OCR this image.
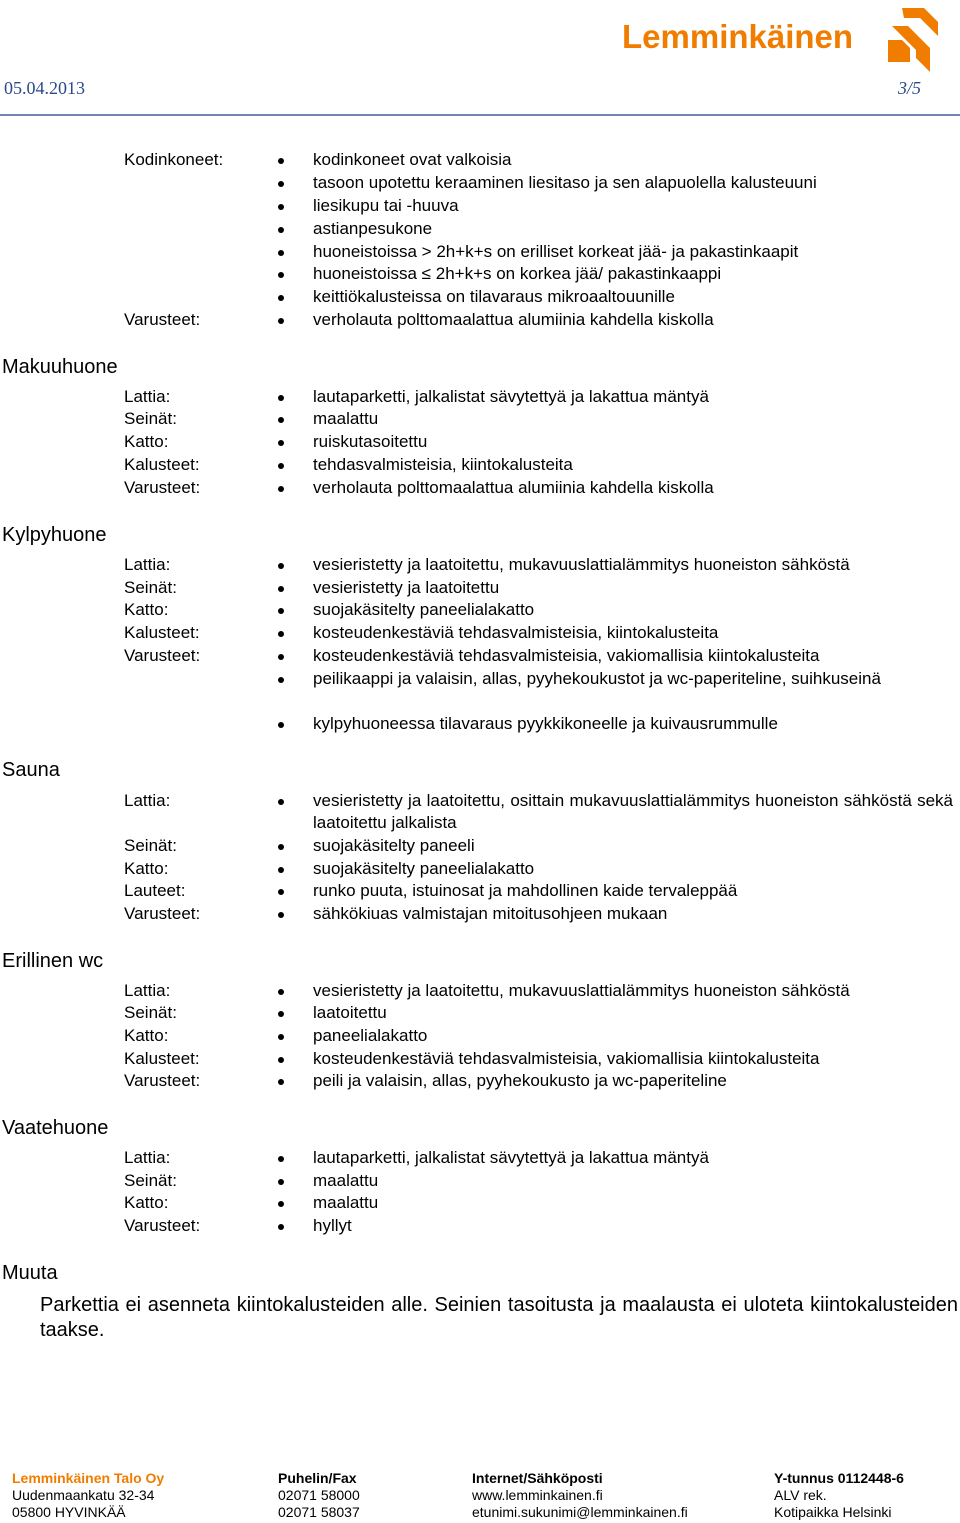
Lemminkäinen
05.04.2013	3/5
Kodinkoneet:	kodinkoneet ovat valkoisia
tasoon upotettu keraaminen liesitaso ja sen alapuolella kalusteuuni
liesikupu tai -huuva
astianpesukone
huoneistoissa > 2h+k+s on erilliset korkeat jää- ja pakastinkaapit
huoneistoissa ≤ 2h+k+s on korkea jää/ pakastinkaappi
keittiökalusteissa on tilavaraus mikroaaltouunille
Varusteet:	verholauta polttomaalattua alumiinia kahdella kiskolla
Makuuhuone
Lattia:	lautaparketti, jalkalistat sävytettyä ja lakattua mäntyä
Seinät:	maalattu
Katto:	ruiskutasoitettu
Kalusteet:	tehdasvalmisteisia, kiintokalusteita
Varusteet:	verholauta polttomaalattua alumiinia kahdella kiskolla
Kylpyhuone
Lattia:	vesieristetty ja laatoitettu, mukavuuslattialämmitys huoneiston sähköstä
Seinät:	vesieristetty ja laatoitettu
Katto:	suojakäsitelty paneelialakatto
Kalusteet:	kosteudenkestäviä tehdasvalmisteisia, kiintokalusteita
Varusteet:	kosteudenkestäviä tehdasvalmisteisia, vakiomallisia kiintokalusteita
peilikaappi ja valaisin, allas, pyyhekoukustot ja wc-paperiteline, suihkuseinä
kylpyhuoneessa tilavaraus pyykkikoneelle ja kuivausrummulle
Sauna
Lattia:	vesieristetty ja laatoitettu, osittain mukavuuslattialämmitys huoneiston sähköstä sekä laatoitettu jalkalista
Seinät:	suojakäsitelty paneeli
Katto:	suojakäsitelty paneelialakatto
Lauteet:	runko puuta, istuinosat ja mahdollinen kaide tervaleppää
Varusteet:	sähkökiuas valmistajan mitoitusohjeen mukaan
Erillinen wc
Lattia:	vesieristetty ja laatoitettu, mukavuuslattialämmitys huoneiston sähköstä
Seinät:	laatoitettu
Katto:	paneelialakatto
Kalusteet:	kosteudenkestäviä tehdasvalmisteisia, vakiomallisia kiintokalusteita
Varusteet:	peili ja valaisin, allas, pyyhekoukusto ja wc-paperiteline
Vaatehuone
Lattia:	lautaparketti, jalkalistat sävytettyä ja lakattua mäntyä
Seinät:	maalattu
Katto:	maalattu
Varusteet:	hyllyt
Muuta
Parkettia ei asenneta kiintokalusteiden alle. Seinien tasoitusta ja maalausta ei uloteta kiintokalusteiden taakse.
Lemminkäinen Talo Oy
Uudenmaankatu 32-34
05800 HYVINKÄÄ
Puhelin/Fax
02071 58000
02071 58037
Internet/Sähköposti
www.lemminkainen.fi
etunimi.sukunimi@lemminkainen.fi
Y-tunnus 0112448-6
ALV rek.
Kotipaikka Helsinki
